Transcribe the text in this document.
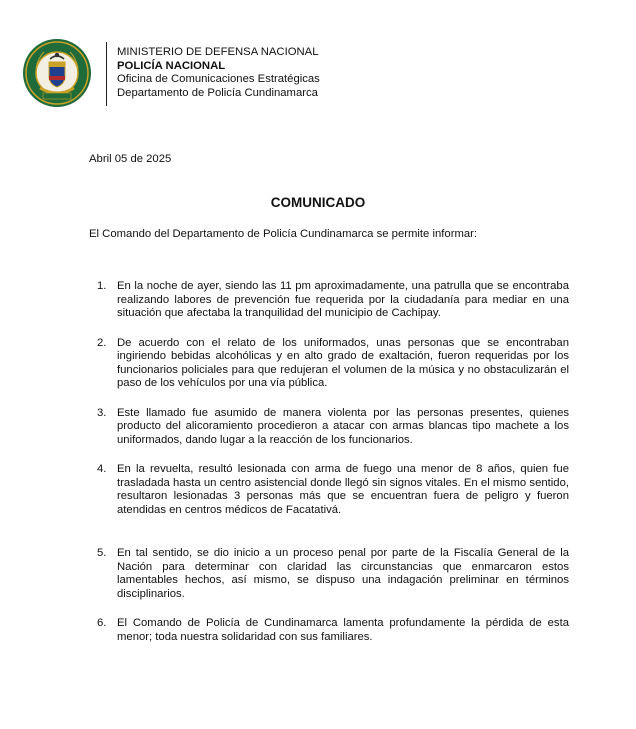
MINISTERIO DE DEFENSA NACIONAL
POLICÍA NACIONAL
Oficina de Comunicaciones Estratégicas
Departamento de Policía Cundinamarca
Abril 05 de 2025
COMUNICADO
El Comando del Departamento de Policía Cundinamarca se permite informar:
1. En la noche de ayer, siendo las 11 pm aproximadamente, una patrulla que se encontraba realizando labores de prevención fue requerida por la ciudadanía para mediar en una situación que afectaba la tranquilidad del municipio de Cachipay.
2. De acuerdo con el relato de los uniformados, unas personas que se encontraban ingiriendo bebidas alcohólicas y en alto grado de exaltación, fueron requeridas por los funcionarios policiales para que redujeran el volumen de la música y no obstaculizarán el paso de los vehículos por una vía pública.
3. Este llamado fue asumido de manera violenta por las personas presentes, quienes producto del alicoramiento procedieron a atacar con armas blancas tipo machete a los uniformados, dando lugar a la reacción de los funcionarios.
4. En la revuelta, resultó lesionada con arma de fuego una menor de 8 años, quien fue trasladada hasta un centro asistencial donde llegó sin signos vitales. En el mismo sentido, resultaron lesionadas 3 personas más que se encuentran fuera de peligro y fueron atendidas en centros médicos de Facatativá.
5. En tal sentido, se dio inicio a un proceso penal por parte de la Fiscalía General de la Nación para determinar con claridad las circunstancias que enmarcaron estos lamentables hechos, así mismo, se dispuso una indagación preliminar en términos disciplinarios.
6. El Comando de Policía de Cundinamarca lamenta profundamente la pérdida de esta menor; toda nuestra solidaridad con sus familiares.
